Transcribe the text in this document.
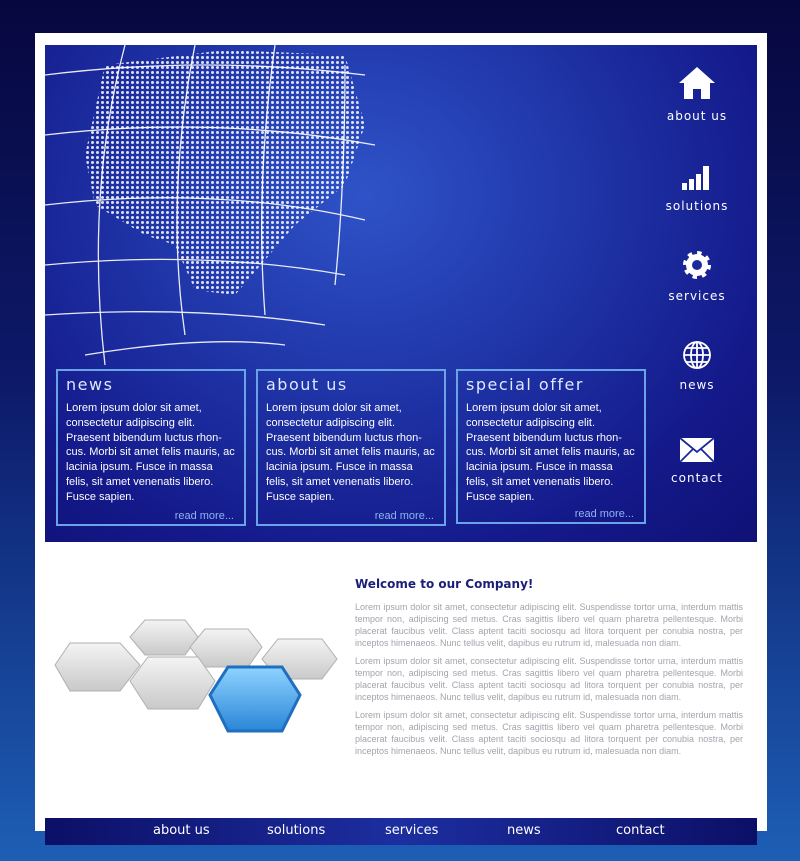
about us
solutions
services
news
contact
news

Lorem ipsum dolor sit amet, consectetur adipiscing elit. Praesent bibendum luctus rhon-cus. Morbi sit amet felis mauris, ac lacinia ipsum. Fusce in massa felis, sit amet venenatis libero. Fusce sapien.

read more...
about us

Lorem ipsum dolor sit amet, consectetur adipiscing elit. Praesent bibendum luctus rhon-cus. Morbi sit amet felis mauris, ac lacinia ipsum. Fusce in massa felis, sit amet venenatis libero. Fusce sapien.

read more...
special offer

Lorem ipsum dolor sit amet, consectetur adipiscing elit. Praesent bibendum luctus rhon-cus. Morbi sit amet felis mauris, ac lacinia ipsum. Fusce in massa felis, sit amet venenatis libero. Fusce sapien.

read more...
Welcome to our Company!

Lorem ipsum dolor sit amet, consectetur adipiscing elit. Suspendisse tortor urna, interdum mattis tempor non, adipiscing sed metus. Cras sagittis libero vel quam pharetra pellentesque. Morbi placerat faucibus velit. Class aptent taciti sociosqu ad litora torquent per conubia nostra, per inceptos himenaeos. Nunc tellus velit, dapibus eu rutrum id, malesuada non diam.

Lorem ipsum dolor sit amet, consectetur adipiscing elit. Suspendisse tortor urna, interdum mattis tempor non, adipiscing sed metus. Cras sagittis libero vel quam pharetra pellentesque. Morbi placerat faucibus velit. Class aptent taciti sociosqu ad litora torquent per conubia nostra, per inceptos himenaeos. Nunc tellus velit, dapibus eu rutrum id, malesuada non diam.

Lorem ipsum dolor sit amet, consectetur adipiscing elit. Suspendisse tortor urna, interdum mattis tempor non, adipiscing sed metus. Cras sagittis libero vel quam pharetra pellentesque. Morbi placerat faucibus velit. Class aptent taciti sociosqu ad litora torquent per conubia nostra, per inceptos himenaeos. Nunc tellus velit, dapibus eu rutrum id, malesuada non diam.

about us	solutions	services	news	contact
